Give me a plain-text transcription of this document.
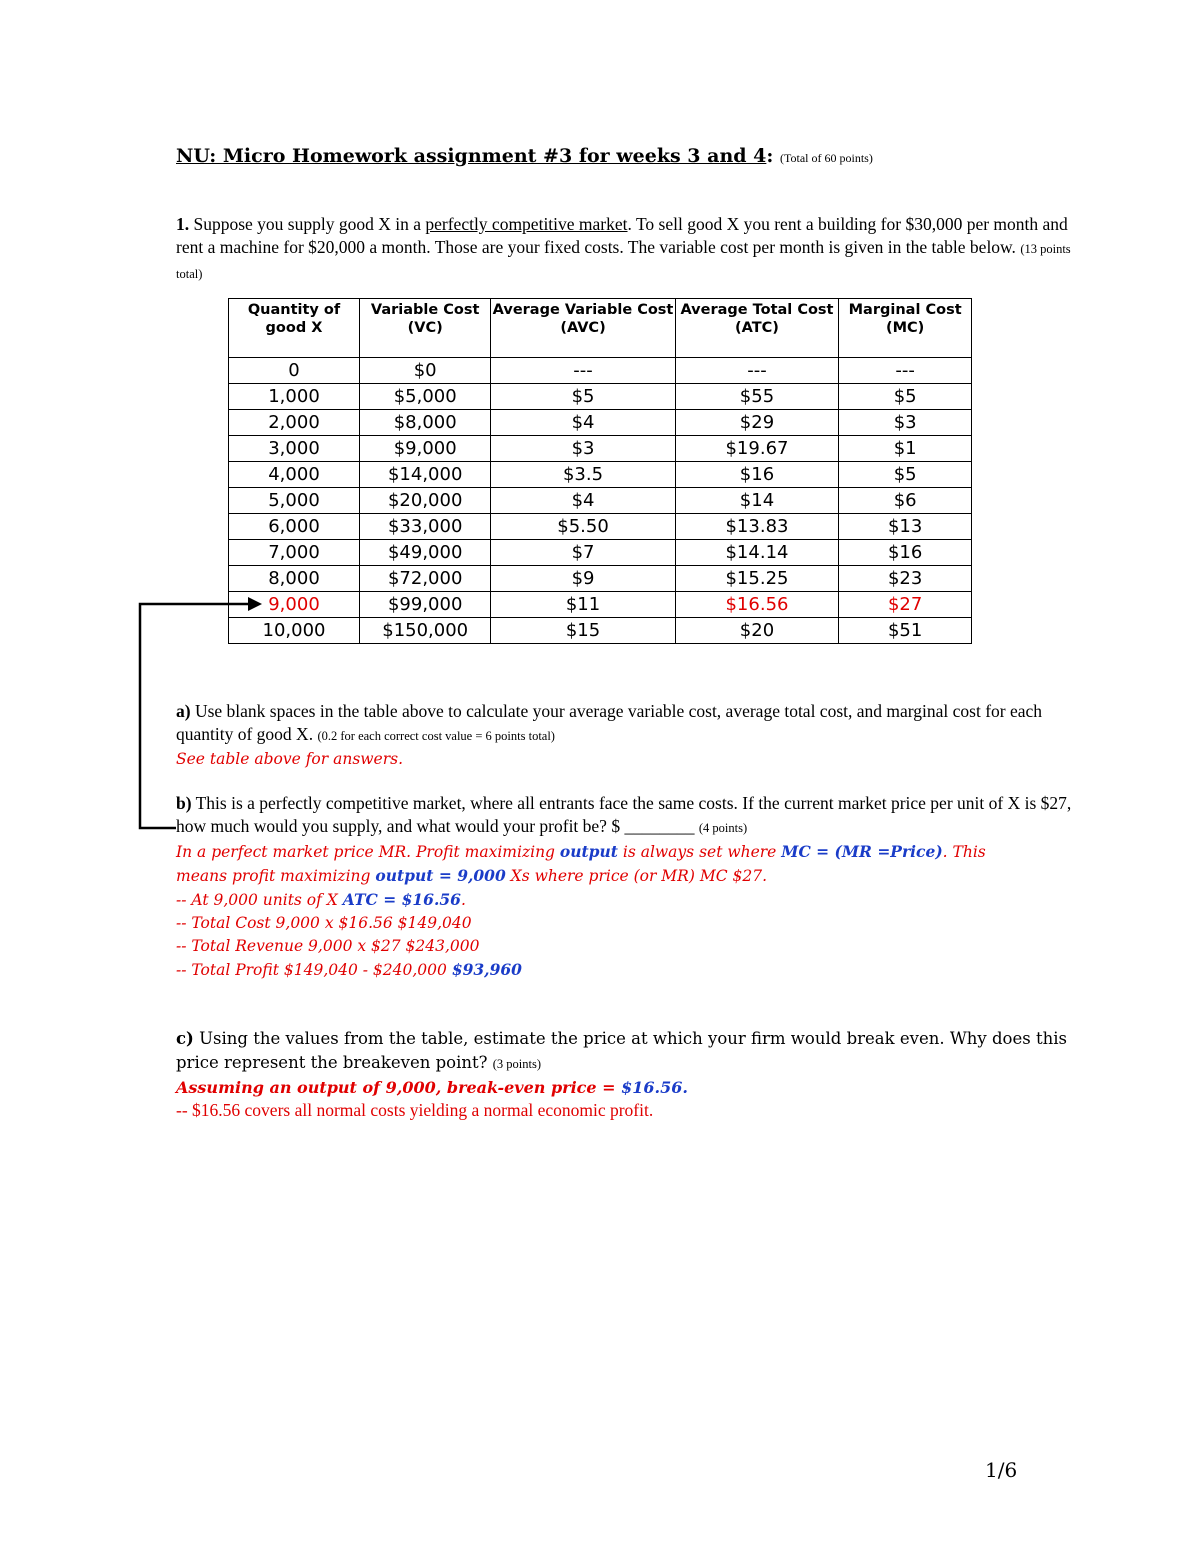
NU: Micro Homework assignment #3 for weeks 3 and 4: (Total of 60 points)
1. Suppose you supply good X in a perfectly competitive market. To sell good X you rent a building for $30,000 per month and rent a machine for $20,000 a month. Those are your fixed costs. The variable cost per month is given in the table below. (13 points total)
Quantity of good X	Variable Cost (VC)	Average Variable Cost (AVC)	Average Total Cost (ATC)	Marginal Cost (MC)
0	$0	---	---	---
1,000	$5,000	$5	$55	$5
2,000	$8,000	$4	$29	$3
3,000	$9,000	$3	$19.67	$1
4,000	$14,000	$3.5	$16	$5
5,000	$20,000	$4	$14	$6
6,000	$33,000	$5.50	$13.83	$13
7,000	$49,000	$7	$14.14	$16
8,000	$72,000	$9	$15.25	$23
9,000	$99,000	$11	$16.56	$27
10,000	$150,000	$15	$20	$51
a) Use blank spaces in the table above to calculate your average variable cost, average total cost, and marginal cost for each quantity of good X. (0.2 for each correct cost value = 6 points total)
See table above for answers.
b) This is a perfectly competitive market, where all entrants face the same costs. If the current market price per unit of X is $27, how much would you supply, and what would your profit be? $ ________ (4 points)
In a perfect market price MR. Profit maximizing output is always set where MC = (MR =Price). This
means profit maximizing output = 9,000 Xs where price (or MR) MC $27.
-- At 9,000 units of X ATC = $16.56.
-- Total Cost 9,000 x $16.56 $149,040
-- Total Revenue 9,000 x $27 $243,000
-- Total Profit $149,040 - $240,000 $93,960
c) Using the values from the table, estimate the price at which your firm would break even. Why does this price represent the breakeven point? (3 points)
Assuming an output of 9,000, break-even price = $16.56.
-- $16.56 covers all normal costs yielding a normal economic profit.
1/6
